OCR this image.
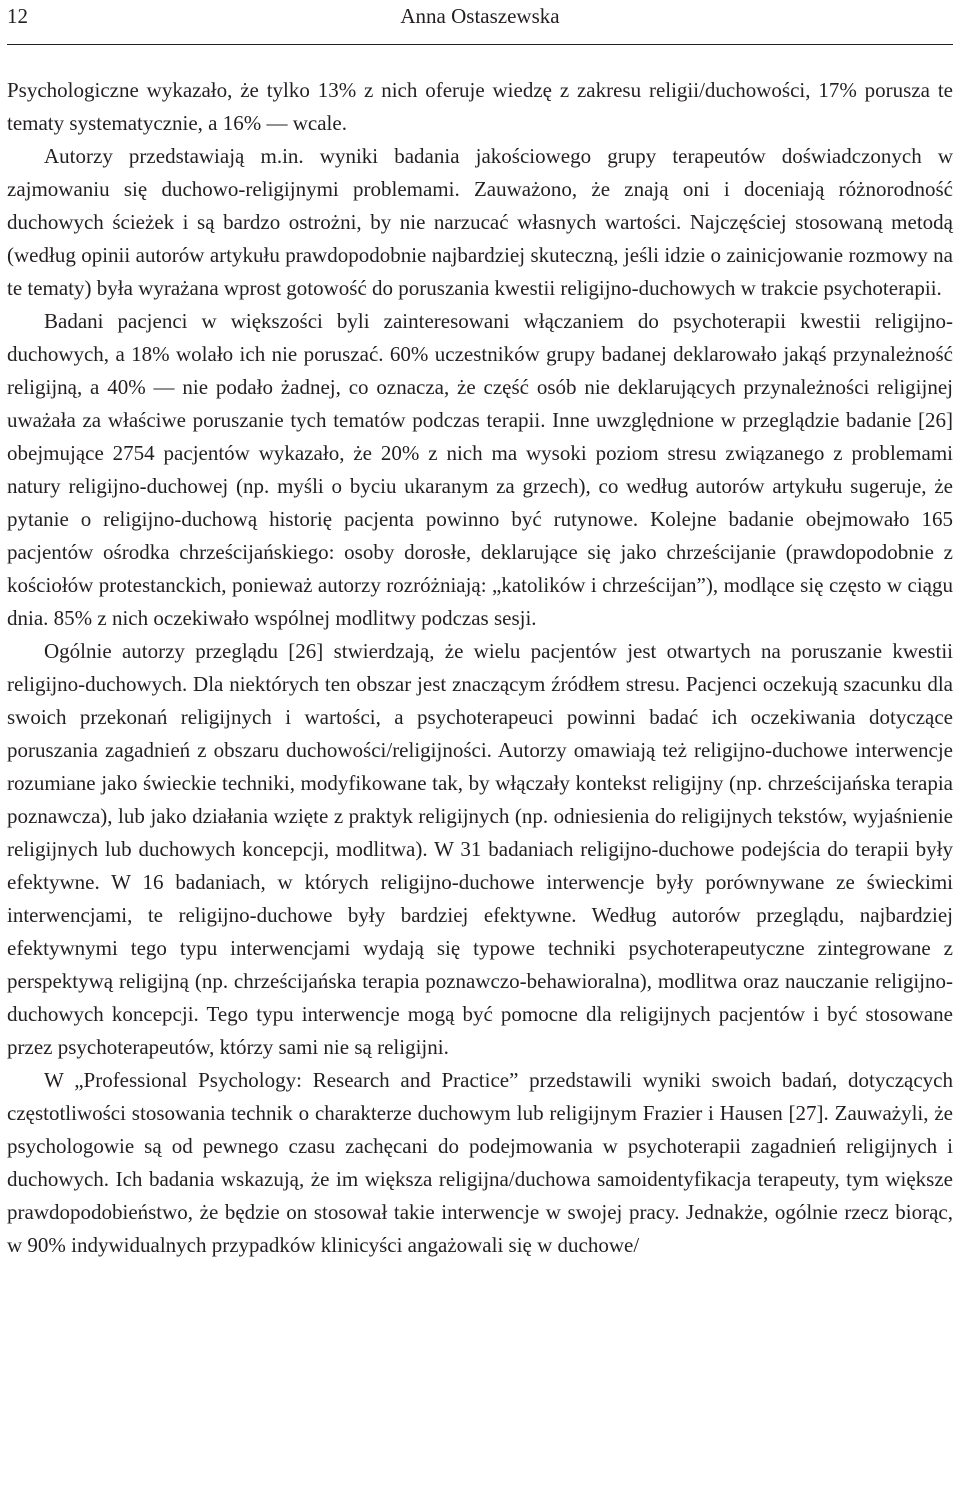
12	Anna Ostaszewska

Psychologiczne wykazało, że tylko 13% z nich oferuje wiedzę z zakresu religii/duchowości, 17% porusza te tematy systematycznie, a 16% — wcale.

Autorzy przedstawiają m.in. wyniki badania jakościowego grupy terapeutów doświadczonych w zajmowaniu się duchowo-religijnymi problemami. Zauważono, że znają oni i doceniają różnorodność duchowych ścieżek i są bardzo ostrożni, by nie narzucać własnych wartości. Najczęściej stosowaną metodą (według opinii autorów artykułu prawdopodobnie najbardziej skuteczną, jeśli idzie o zainicjowanie rozmowy na te tematy) była wyrażana wprost gotowość do poruszania kwestii religijno-duchowych w trakcie psychoterapii.

Badani pacjenci w większości byli zainteresowani włączaniem do psychoterapii kwestii religijno-duchowych, a 18% wolało ich nie poruszać. 60% uczestników grupy badanej deklarowało jakąś przynależność religijną, a 40% — nie podało żadnej, co oznacza, że część osób nie deklarujących przynależności religijnej uważała za właściwe poruszanie tych tematów podczas terapii. Inne uwzględnione w przeglądzie badanie [26] obejmujące 2754 pacjentów wykazało, że 20% z nich ma wysoki poziom stresu związanego z problemami natury religijno-duchowej (np. myśli o byciu ukaranym za grzech), co według autorów artykułu sugeruje, że pytanie o religijno-duchową historię pacjenta powinno być rutynowe. Kolejne badanie obejmowało 165 pacjentów ośrodka chrześcijańskiego: osoby dorosłe, deklarujące się jako chrześcijanie (prawdopodobnie z kościołów protestanckich, ponieważ autorzy rozróżniają: „katolików i chrześcijan”), modlące się często w ciągu dnia. 85% z nich oczekiwało wspólnej modlitwy podczas sesji.

Ogólnie autorzy przeglądu [26] stwierdzają, że wielu pacjentów jest otwartych na poruszanie kwestii religijno-duchowych. Dla niektórych ten obszar jest znaczącym źródłem stresu. Pacjenci oczekują szacunku dla swoich przekonań religijnych i wartości, a psychoterapeuci powinni badać ich oczekiwania dotyczące poruszania zagadnień z obszaru duchowości/religijności. Autorzy omawiają też religijno-duchowe interwencje rozumiane jako świeckie techniki, modyfikowane tak, by włączały kontekst religijny (np. chrześcijańska terapia poznawcza), lub jako działania wzięte z praktyk religijnych (np. odniesienia do religijnych tekstów, wyjaśnienie religijnych lub duchowych koncepcji, modlitwa). W 31 badaniach religijno-duchowe podejścia do terapii były efektywne. W 16 badaniach, w których religijno-duchowe interwencje były porównywane ze świeckimi interwencjami, te religijno-duchowe były bardziej efektywne. Według autorów przeglądu, najbardziej efektywnymi tego typu interwencjami wydają się typowe techniki psychoterapeutyczne zintegrowane z perspektywą religijną (np. chrześcijańska terapia poznawczo-behawioralna), modlitwa oraz nauczanie religijno-duchowych koncepcji. Tego typu interwencje mogą być pomocne dla religijnych pacjentów i być stosowane przez psychoterapeutów, którzy sami nie są religijni.

W „Professional Psychology: Research and Practice” przedstawili wyniki swoich badań, dotyczących częstotliwości stosowania technik o charakterze duchowym lub religijnym Frazier i Hausen [27]. Zauważyli, że psychologowie są od pewnego czasu zachęcani do podejmowania w psychoterapii zagadnień religijnych i duchowych. Ich badania wskazują, że im większa religijna/duchowa samoidentyfikacja terapeuty, tym większe prawdopodobieństwo, że będzie on stosował takie interwencje w swojej pracy. Jednakże, ogólnie rzecz biorąc, w 90% indywidualnych przypadków klinicyści angażowali się w duchowe/
